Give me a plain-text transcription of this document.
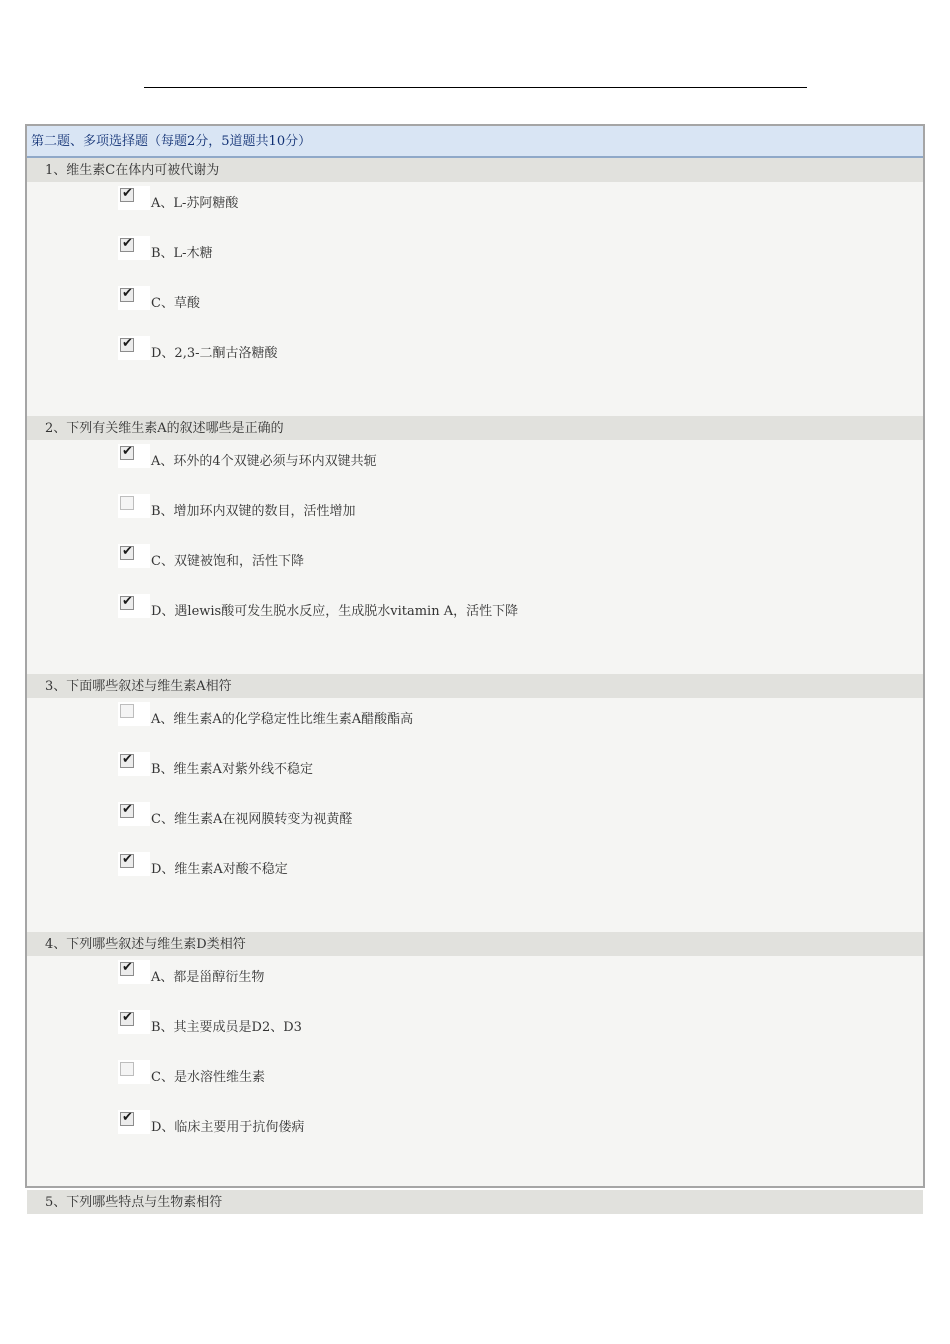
第二题、多项选择题（每题2分，5道题共10分）
1、维生素C在体内可被代谢为
✔
A、L-苏阿糖酸
✔
B、L-木糖
✔
C、草酸
✔
D、2,3-二酮古洛糖酸
2、下列有关维生素A的叙述哪些是正确的
✔
A、环外的4个双键必须与环内双键共轭
B、增加环内双键的数目，活性增加
✔
C、双键被饱和，活性下降
✔
D、遇lewis酸可发生脱水反应，生成脱水vitamin A，活性下降
3、下面哪些叙述与维生素A相符
A、维生素A的化学稳定性比维生素A醋酸酯高
✔
B、维生素A对紫外线不稳定
✔
C、维生素A在视网膜转变为视黄醛
✔
D、维生素A对酸不稳定
4、下列哪些叙述与维生素D类相符
✔
A、都是甾醇衍生物
✔
B、其主要成员是D2、D3
C、是水溶性维生素
✔
D、临床主要用于抗佝偻病
5、下列哪些特点与生物素相符
